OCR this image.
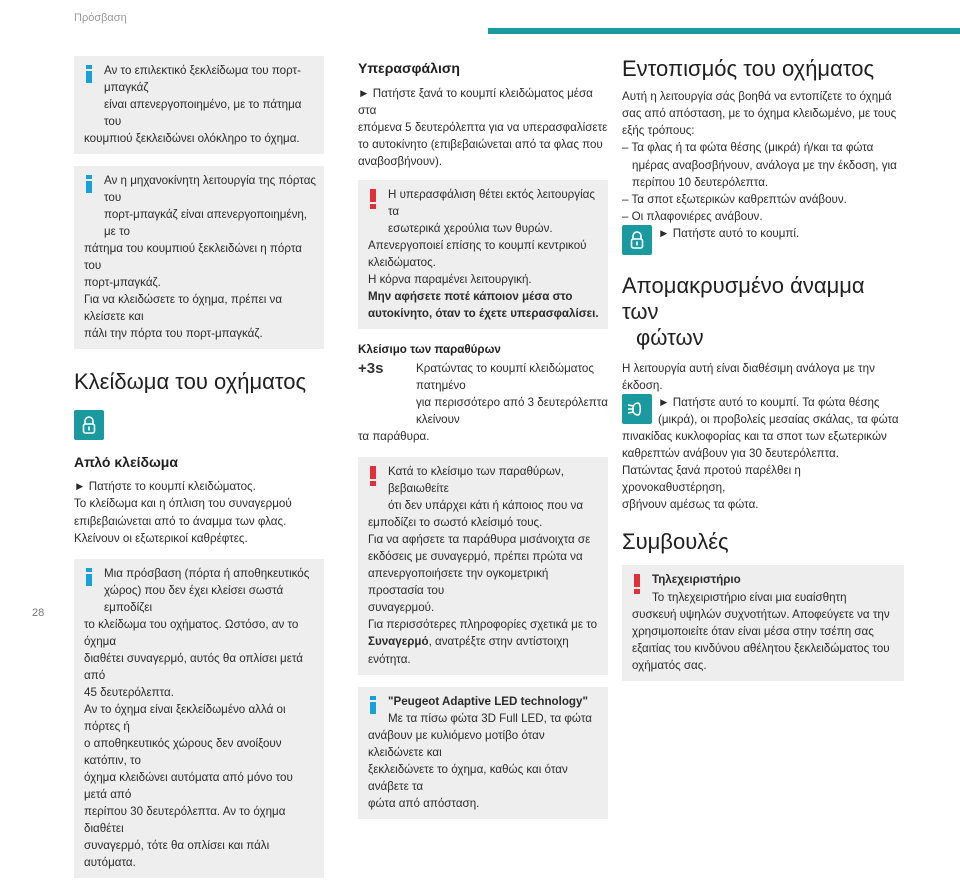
Πρόσβαση

Αν το επιλεκτικό ξεκλείδωμα του πορτ-μπαγκάζ

είναι απενεργοποιημένο, με το πάτημα του

κουμπιού ξεκλειδώνει ολόκληρο το όχημα.

Αν η μηχανοκίνητη λειτουργία της πόρτας του

πορτ-μπαγκάζ είναι απενεργοποιημένη, με το

πάτημα του κουμπιού ξεκλειδώνει η πόρτα του

πορτ-μπαγκάζ.

Για να κλειδώσετε το όχημα, πρέπει να κλείσετε και

πάλι την πόρτα του πορτ-μπαγκάζ.

Κλείδωμα του οχήματος
Απλό κλείδωμα

► Πατήστε το κουμπί κλειδώματος.

Το κλείδωμα και η όπλιση του συναγερμού

επιβεβαιώνεται από το άναμμα των φλας.

Κλείνουν οι εξωτερικοί καθρέφτες.

Μια πρόσβαση (πόρτα ή αποθηκευτικός

χώρος) που δεν έχει κλείσει σωστά εμποδίζει

το κλείδωμα του οχήματος. Ωστόσο, αν το όχημα

διαθέτει συναγερμό, αυτός θα οπλίσει μετά από

45 δευτερόλεπτα.

Αν το όχημα είναι ξεκλείδωμένο αλλά οι πόρτες ή

ο αποθηκευτικός χώρους δεν ανοίξουν κατόπιν, το

όχημα κλειδώνει αυτόματα από μόνο του μετά από

περίπου 30 δευτερόλεπτα. Αν το όχημα διαθέτει

συναγερμό, τότε θα οπλίσει και πάλι αυτόματα.

Υπερασφάλιση

► Πατήστε ξανά το κουμπί κλειδώματος μέσα στα

επόμενα 5 δευτερόλεπτα για να υπερασφαλίσετε

το αυτοκίνητο (επιβεβαιώνεται από τα φλας που

αναβοσβήνουν).

Η υπερασφάλιση θέτει εκτός λειτουργίας τα

εσωτερικά χερούλια των θυρών.

Απενεργοποιεί επίσης το κουμπί κεντρικού

κλειδώματος.

Η κόρνα παραμένει λειτουργική.

Μην αφήσετε ποτέ κάποιον μέσα στο

αυτοκίνητο, όταν το έχετε υπερασφαλίσει.

Κλείσιμο των παραθύρων
+3s	Κρατώντας το κουμπί κλειδώματος πατημένο

για περισσότερο από 3 δευτερόλεπτα κλείνουν

τα παράθυρα.

Κατά το κλείσιμο των παραθύρων, βεβαιωθείτε

ότι δεν υπάρχει κάτι ή κάποιος που να

εμποδίζει το σωστό κλείσιμό τους.

Για να αφήσετε τα παράθυρα μισάνοιχτα σε

εκδόσεις με συναγερμό, πρέπει πρώτα να

απενεργοποιήσετε την ογκομετρική προστασία του

συναγερμού.

Για περισσότερες πληροφορίες σχετικά με το

Συναγερμό, ανατρέξτε στην αντίστοιχη ενότητα.

"Peugeot Adaptive LED technology"

Με τα πίσω φώτα 3D Full LED, τα φώτα

ανάβουν με κυλιόμενο μοτίβο όταν κλειδώνετε και

ξεκλειδώνετε το όχημα, καθώς και όταν ανάβετε τα

φώτα από απόσταση.

Εντοπισμός του οχήματος

Αυτή η λειτουργία σάς βοηθά να εντοπίζετε το όχημά

σας από απόσταση, με το όχημα κλειδωμένο, με τους

εξής τρόπους:

– Τα φλας ή τα φώτα θέσης (μικρά) ή/και τα φώτα

ημέρας αναβοσβήνουν, ανάλογα με την έκδοση, για

περίπου 10 δευτερόλεπτα.

– Τα σποτ εξωτερικών καθρεπτών ανάβουν.

– Οι πλαφονιέρες ανάβουν.

► Πατήστε αυτό το κουμπί.

Απομακρυσμένο άναμμα των
φώτων

Η λειτουργία αυτή είναι διαθέσιμη ανάλογα με την

έκδοση.

► Πατήστε αυτό το κουμπί. Τα φώτα θέσης

(μικρά), οι προβολείς μεσαίας σκάλας, τα φώτα

πινακίδας κυκλοφορίας και τα σποτ των εξωτερικών

καθρεπτών ανάβουν για 30 δευτερόλεπτα.

Πατώντας ξανά προτού παρέλθει η χρονοκαθυστέρηση,

σβήνουν αμέσως τα φώτα.

Συμβουλές

Τηλεχειριστήριο

Το τηλεχειριστήριο είναι μια ευαίσθητη

συσκευή υψηλών συχνοτήτων. Αποφεύγετε να την

χρησιμοποιείτε όταν είναι μέσα στην τσέπη σας

εξαιτίας του κινδύνου αθέλητου ξεκλειδώματος του

οχήματός σας.

28
